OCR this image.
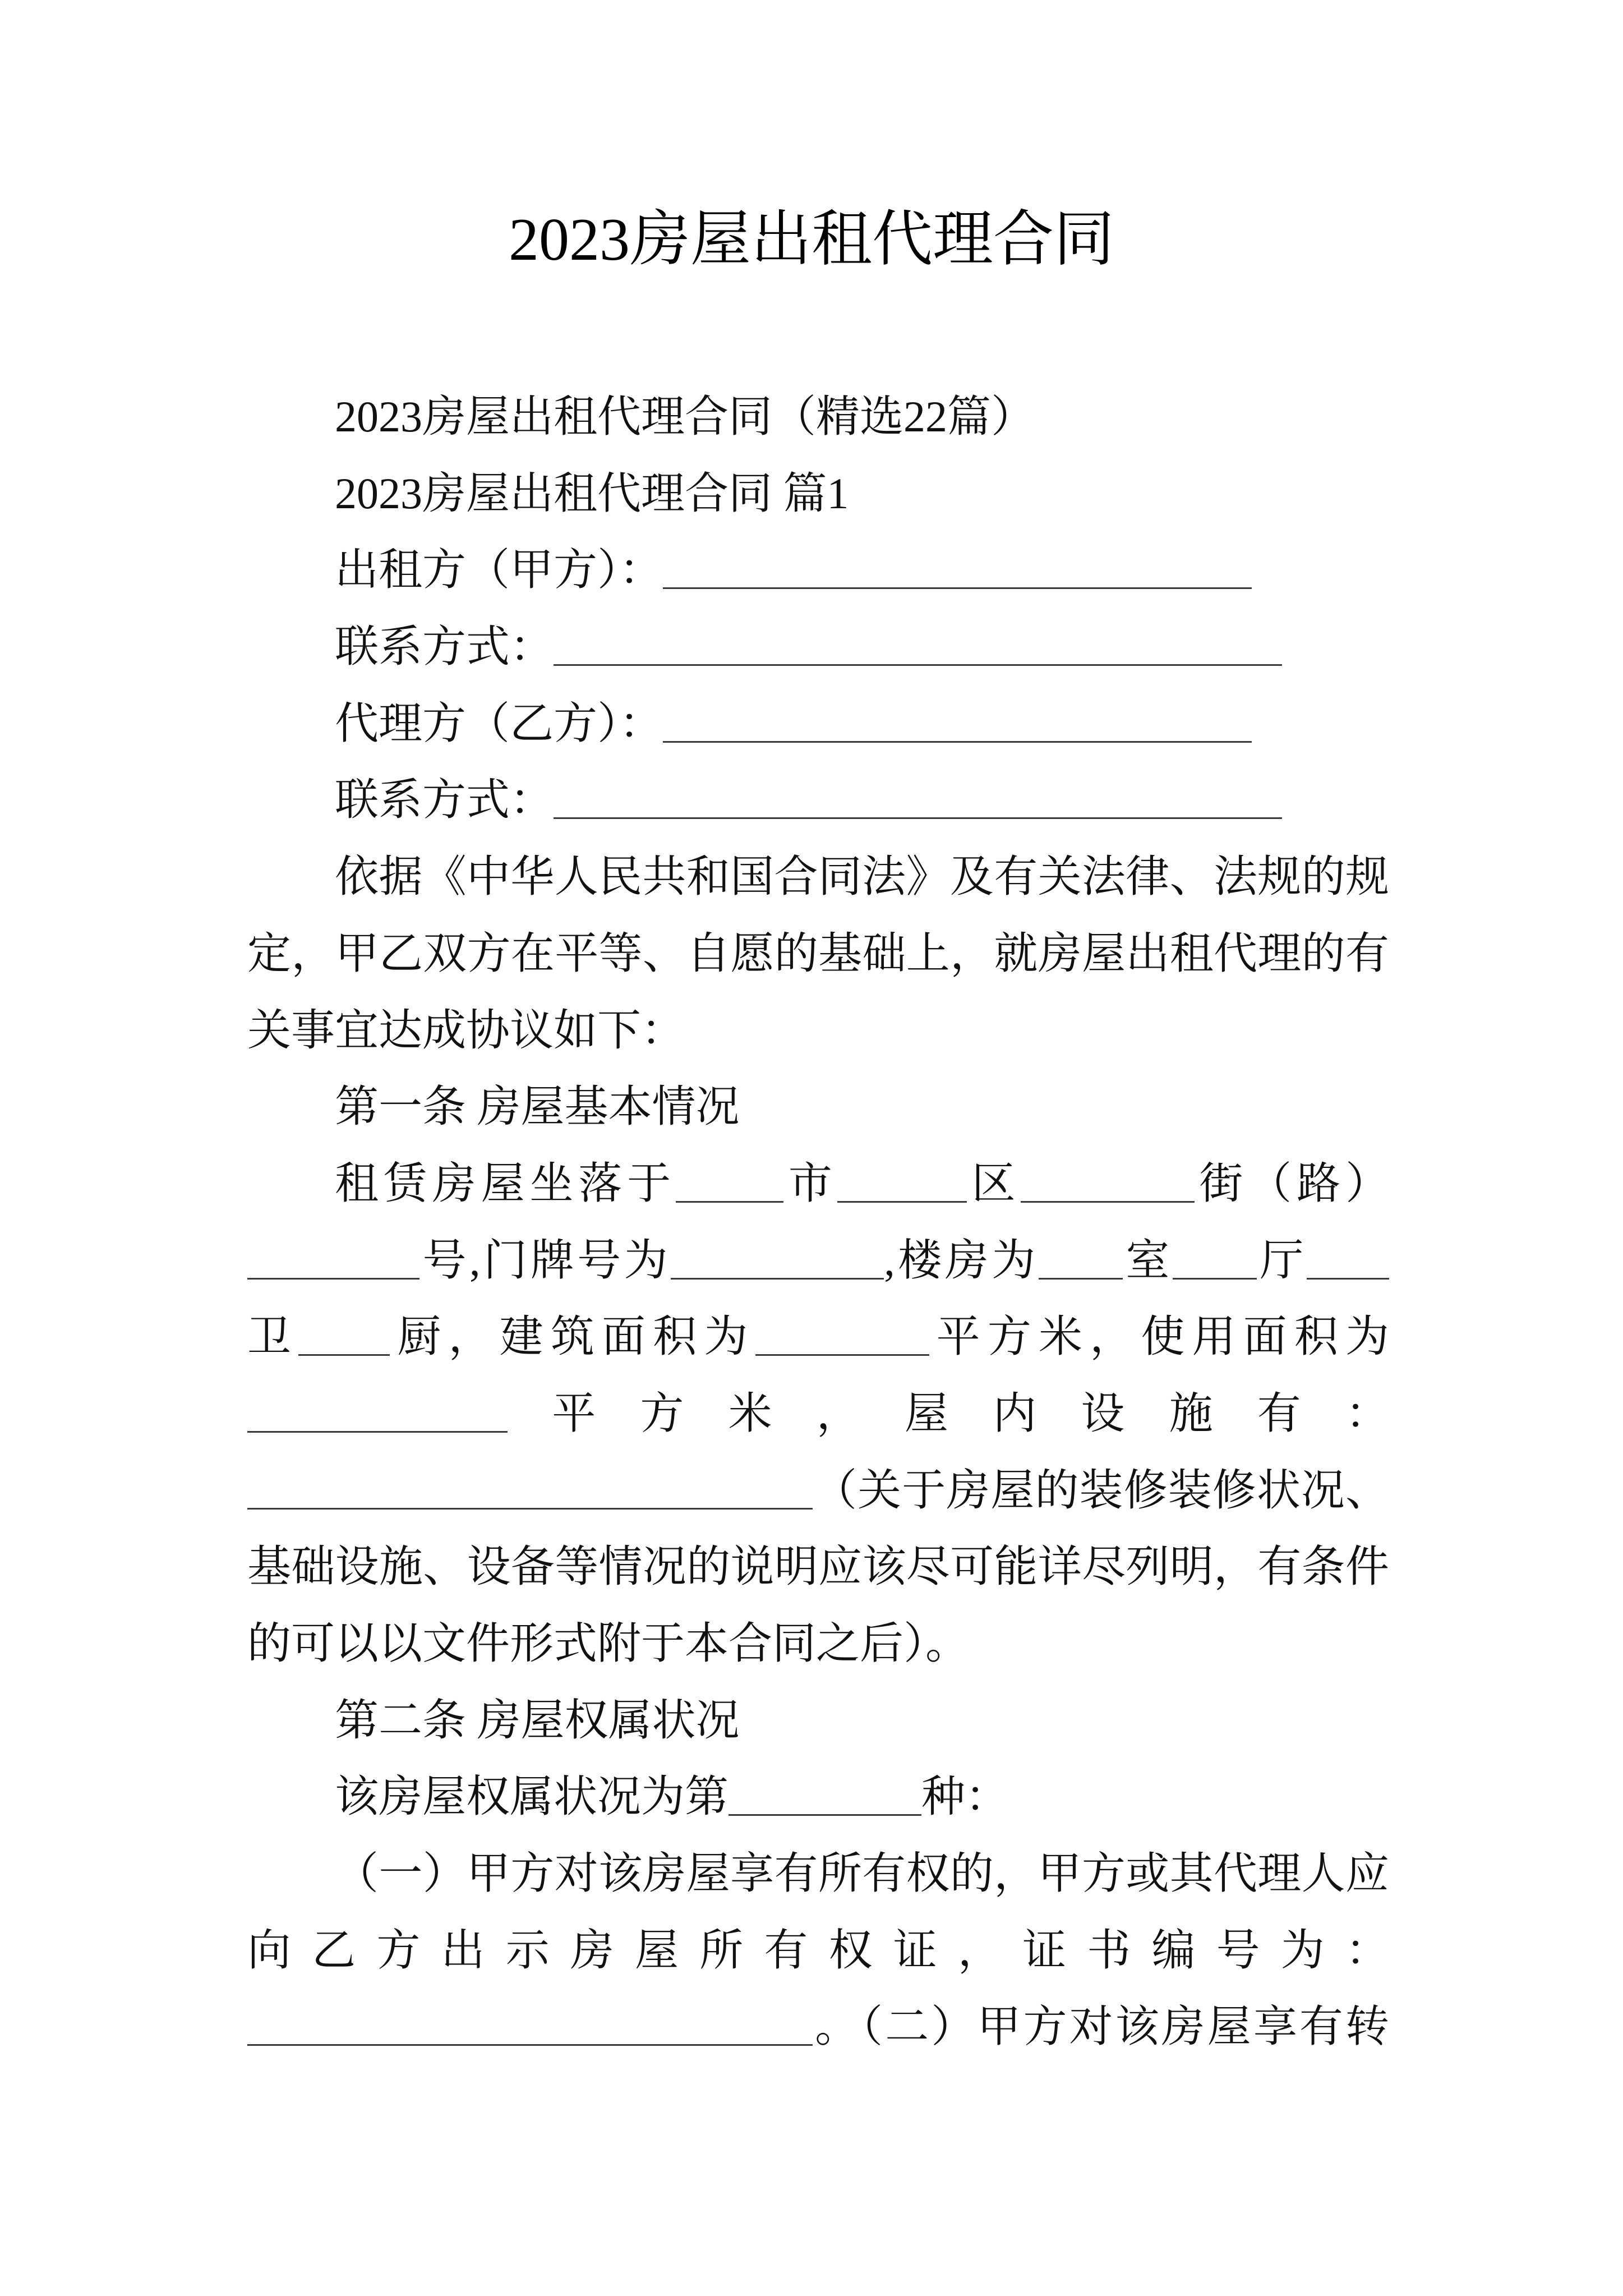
2023房屋出租代理合同
2023房屋出租代理合同（精选22篇）
2023房屋出租代理合同 篇1
出租方（甲方）：
联系方式：
代理方（乙方）：
联系方式：
依据《中华人民共和国合同法》及有关法律、法规的规
定，甲乙双方在平等、自愿的基础上，就房屋出租代理的有
关事宜达成协议如下：
第一条 房屋基本情况
租赁房屋坐落于 市	区	街（路）
号,门牌号为	,楼房为 室 厅
卫 厨，建筑面积为	平方米，使用面积为
平方米，屋内设施有：
（关于房屋的装修装修状况、
基础设施、设备等情况的说明应该尽可能详尽列明，有条件
的可以以文件形式附于本合同之后）。
第二条 房屋权属状况
该房屋权属状况为第	种：
（一）甲方对该房屋享有所有权的，甲方或其代理人应
向乙方出示房屋所有权证，证书编号为：
。（二）甲方对该房屋享有转
